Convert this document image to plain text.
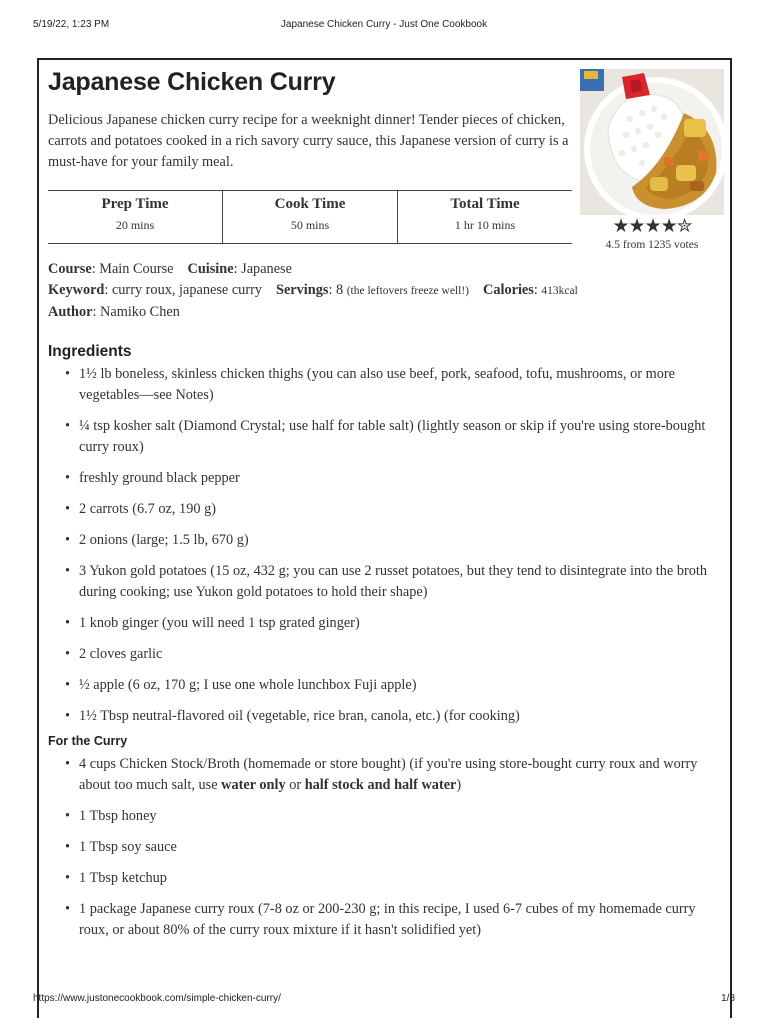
5/19/22, 1:23 PM	Japanese Chicken Curry - Just One Cookbook
Japanese Chicken Curry

Delicious Japanese chicken curry recipe for a weeknight dinner! Tender pieces of chicken, carrots and potatoes cooked in a rich savory curry sauce, this Japanese version of curry is a must-have for your family meal.

★★★★✮
4.5 from 1235 votes
Prep Time
20 mins
Cook Time
50 mins
Total Time
1 hr 10 mins
Course: Main Course Cuisine: Japanese
Keyword: curry roux, japanese curry Servings: 8 (the leftovers freeze well!) Calories: 413kcal
Author: Namiko Chen
Ingredients
• 1½ lb boneless, skinless chicken thighs (you can also use beef, pork, seafood, tofu, mushrooms, or more vegetables—see Notes)
• ¼ tsp kosher salt (Diamond Crystal; use half for table salt) (lightly season or skip if you're using store-bought curry roux)
• freshly ground black pepper
• 2 carrots (6.7 oz, 190 g)
• 2 onions (large; 1.5 lb, 670 g)
• 3 Yukon gold potatoes (15 oz, 432 g; you can use 2 russet potatoes, but they tend to disintegrate into the broth during cooking; use Yukon gold potatoes to hold their shape)
• 1 knob ginger (you will need 1 tsp grated ginger)
• 2 cloves garlic
• ½ apple (6 oz, 170 g; I use one whole lunchbox Fuji apple)
• 1½ Tbsp neutral-flavored oil (vegetable, rice bran, canola, etc.) (for cooking)
For the Curry
• 4 cups Chicken Stock/Broth (homemade or store bought) (if you're using store-bought curry roux and worry about too much salt, use water only or half stock and half water)
• 1 Tbsp honey
• 1 Tbsp soy sauce
• 1 Tbsp ketchup
• 1 package Japanese curry roux (7-8 oz or 200-230 g; in this recipe, I used 6-7 cubes of my homemade curry roux, or about 80% of the curry roux mixture if it hasn't solidified yet)
https://www.justonecookbook.com/simple-chicken-curry/	1/8
